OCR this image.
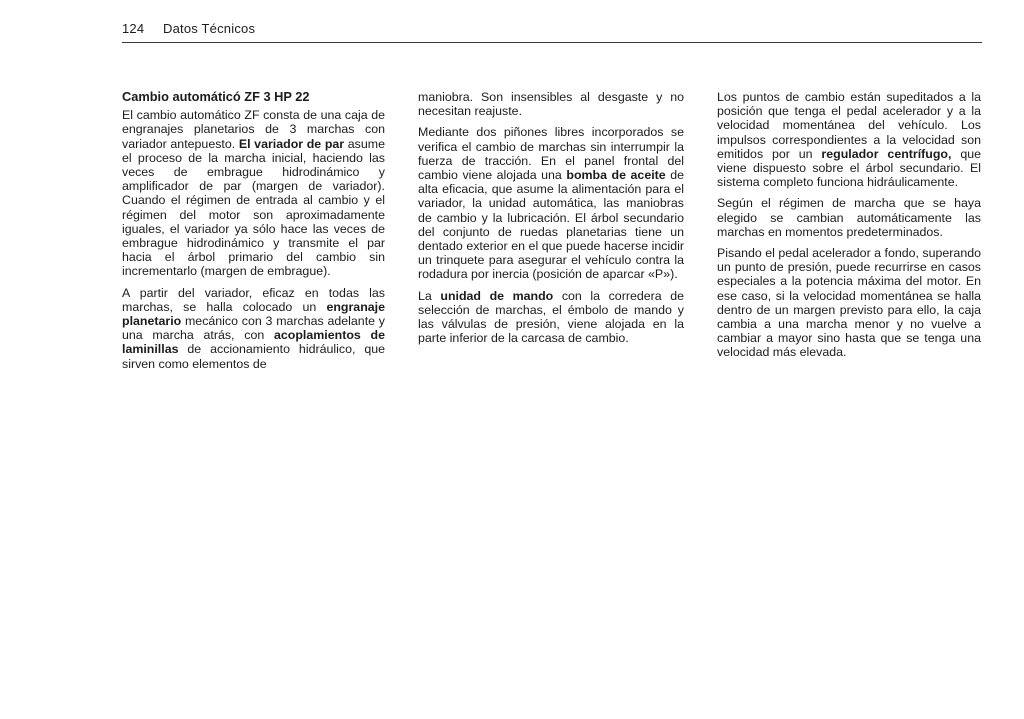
124 Datos Técnicos
Cambio automáticó ZF 3 HP 22

El cambio automático ZF consta de una caja de engranajes planetarios de 3 marchas con variador antepuesto. El variador de par asume el proceso de la marcha inicial, haciendo las veces de embrague hidrodinámico y amplificador de par (margen de variador). Cuando el régimen de entrada al cambio y el régimen del motor son aproximadamente iguales, el variador ya sólo hace las veces de embrague hidrodinámico y transmite el par hacia el árbol primario del cambio sin incrementarlo (margen de embrague).

A partir del variador, eficaz en todas las marchas, se halla colocado un engranaje planetario mecánico con 3 marchas adelante y una marcha atrás, con acoplamientos de laminillas de accionamiento hidráulico, que sirven como elementos de

maniobra. Son insensibles al desgaste y no necesitan reajuste.

Mediante dos piñones libres incorporados se verifica el cambio de marchas sin interrumpir la fuerza de tracción. En el panel frontal del cambio viene alojada una bomba de aceite de alta eficacia, que asume la alimentación para el variador, la unidad automática, las maniobras de cambio y la lubricación. El árbol secundario del conjunto de ruedas planetarias tiene un dentado exterior en el que puede hacerse incidir un trinquete para asegurar el vehículo contra la rodadura por inercia (posición de aparcar «P»).

La unidad de mando con la corredera de selección de marchas, el émbolo de mando y las válvulas de presión, viene alojada en la parte inferior de la carcasa de cambio.

Los puntos de cambio están supeditados a la posición que tenga el pedal acelerador y a la velocidad momentánea del vehículo. Los impulsos correspondientes a la velocidad son emitidos por un regulador centrífugo, que viene dispuesto sobre el árbol secundario. El sistema completo funciona hidráulicamente.

Según el régimen de marcha que se haya elegido se cambian automáticamente las marchas en momentos predeterminados.

Pisando el pedal acelerador a fondo, superando un punto de presión, puede recurrirse en casos especiales a la potencia máxima del motor. En ese caso, si la velocidad momentánea se halla dentro de un margen previsto para ello, la caja cambia a una marcha menor y no vuelve a cambiar a mayor sino hasta que se tenga una velocidad más elevada.
